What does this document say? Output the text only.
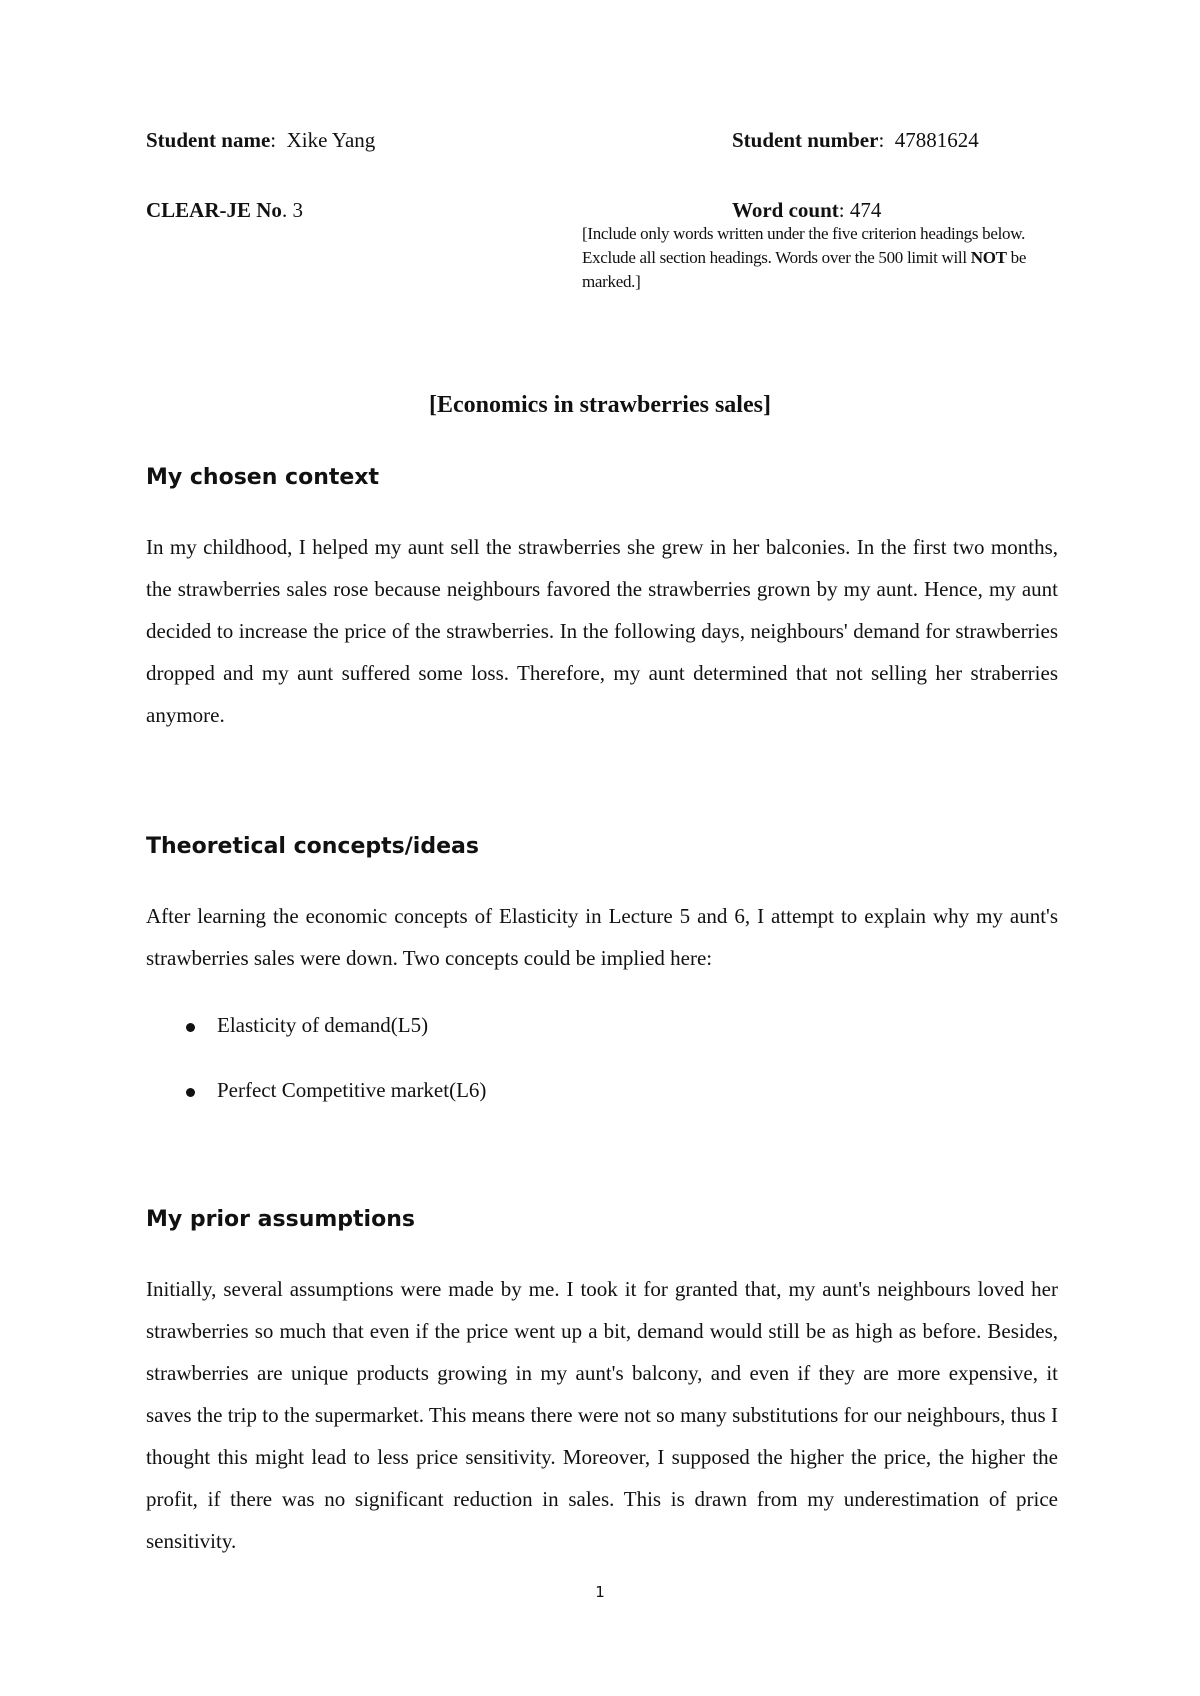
Student name:  Xike Yang	Student number:  47881624
CLEAR-JE No. 3	Word count: 474
[Include only words written under the five criterion headings below. Exclude all section headings. Words over the 500 limit will NOT be marked.]
[Economics in strawberries sales]
My chosen context
In my childhood, I helped my aunt sell the strawberries she grew in her balconies. In the first two months, the strawberries sales rose because neighbours favored the strawberries grown by my aunt. Hence, my aunt decided to increase the price of the strawberries. In the following days, neighbours' demand for strawberries dropped and my aunt suffered some loss. Therefore, my aunt determined that not selling her straberries anymore.
Theoretical concepts/ideas
After learning the economic concepts of Elasticity in Lecture 5 and 6, I attempt to explain why my aunt's strawberries sales were down. Two concepts could be implied here:
Elasticity of demand(L5)
Perfect Competitive market(L6)
My prior assumptions
Initially, several assumptions were made by me. I took it for granted that, my aunt's neighbours loved her strawberries so much that even if the price went up a bit, demand would still be as high as before. Besides, strawberries are unique products growing in my aunt's balcony, and even if they are more expensive, it saves the trip to the supermarket. This means there were not so many substitutions for our neighbours, thus I thought this might lead to less price sensitivity. Moreover, I supposed the higher the price, the higher the profit, if there was no significant reduction in sales. This is drawn from my underestimation of price sensitivity.
1
